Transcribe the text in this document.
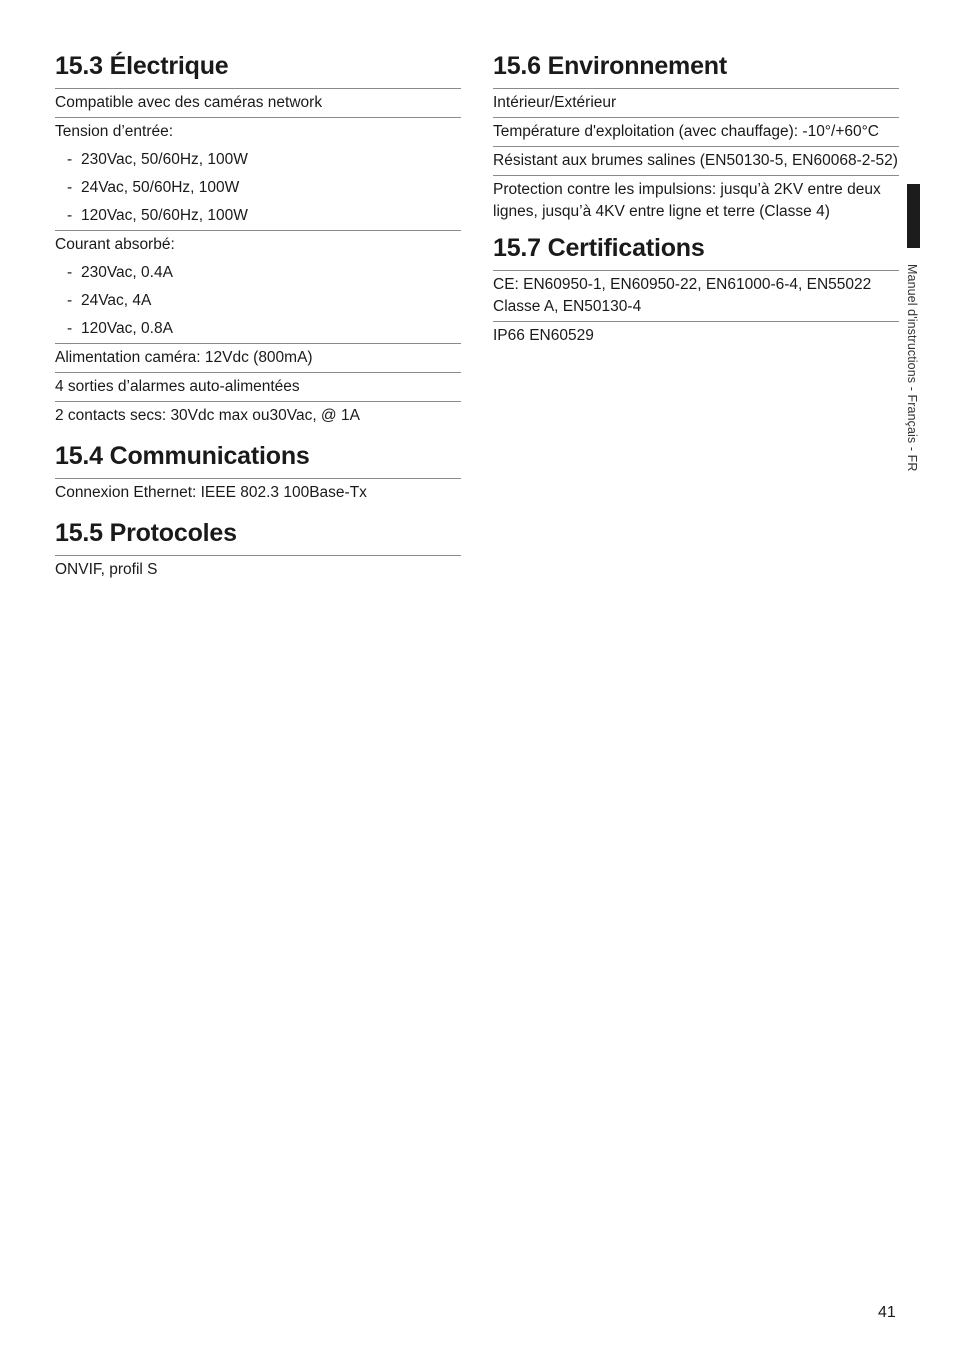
15.3 Électrique
Compatible avec des caméras network
Tension d’entrée:
- 230Vac, 50/60Hz, 100W
- 24Vac, 50/60Hz, 100W
- 120Vac, 50/60Hz, 100W
Courant absorbé:
- 230Vac, 0.4A
- 24Vac, 4A
- 120Vac, 0.8A
Alimentation caméra: 12Vdc (800mA)
4 sorties d’alarmes auto-alimentées
2 contacts secs: 30Vdc max ou30Vac, @ 1A
15.4 Communications
Connexion Ethernet: IEEE 802.3 100Base-Tx
15.5 Protocoles
ONVIF, profil S
15.6 Environnement
Intérieur/Extérieur
Température d'exploitation (avec chauffage): -10°/+60°C
Résistant aux brumes salines (EN50130-5, EN60068-2-52)
Protection contre les impulsions: jusqu’à 2KV entre deux lignes, jusqu’à 4KV entre ligne et terre (Classe 4)
15.7 Certifications
CE: EN60950-1, EN60950-22, EN61000-6-4, EN55022 Classe A, EN50130-4
IP66 EN60529	Manuel d'instructions - Français - FR
41
